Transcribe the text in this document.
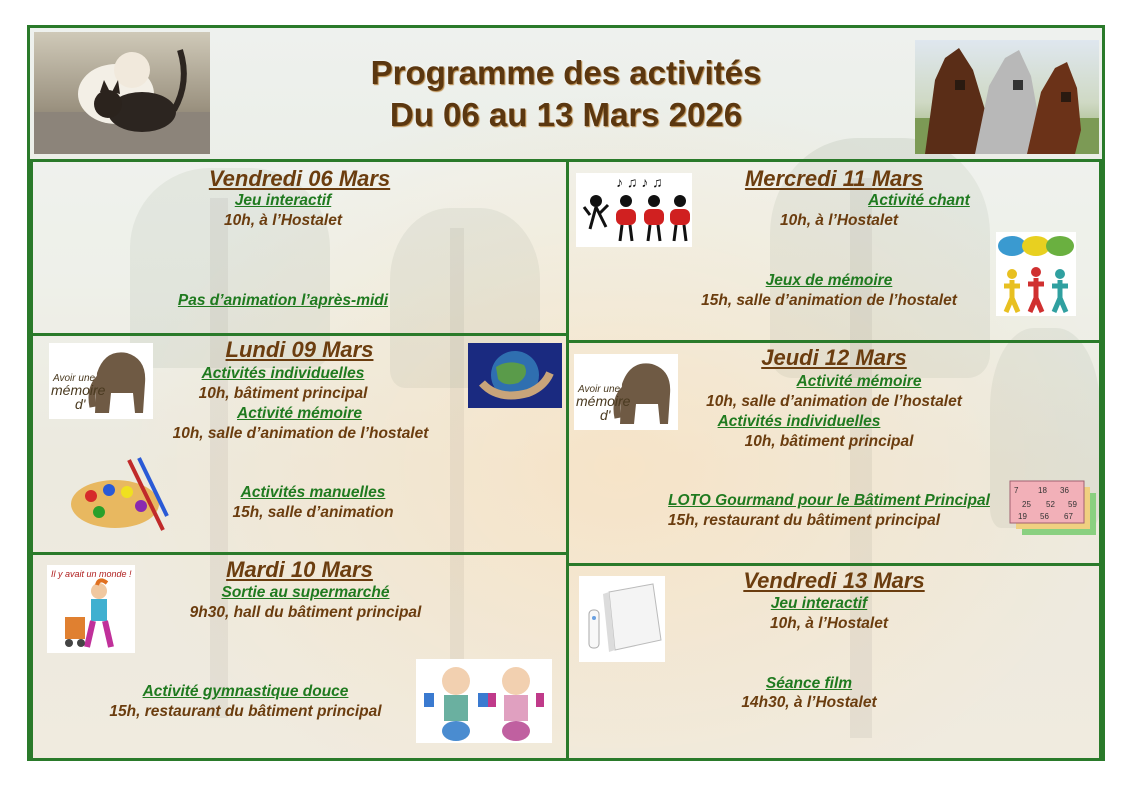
Programme des activités
Du 06 au 13 Mars 2026
Vendredi 06 Mars
Jeu interactif
10h, à l’Hostalet
Pas d’animation l’après-midi
Avoir une
mémoire
d'
Lundi 09 Mars
Activités individuelles
10h, bâtiment principal
Activité mémoire
10h, salle d’animation de l’hostalet
Activités manuelles
15h, salle d’animation
Il y avait un monde !	Mardi 10 Mars
Sortie au supermarché
9h30, hall du bâtiment principal
Activité gymnastique douce
15h, restaurant du bâtiment principal
♪ ♫ ♪ ♫	Mercredi 11 Mars
Activité chant
10h, à l’Hostalet
Jeux de mémoire
15h, salle d’animation de l’hostalet
Avoir une
mémoire
d'
Jeudi 12 Mars
Activité mémoire
10h, salle d’animation de l’hostalet
Activités individuelles
10h, bâtiment principal
LOTO Gourmand pour le Bâtiment Principal
15h, restaurant du bâtiment principal
7 18 36
25 52 59
19 56 67
Vendredi 13 Mars
Jeu interactif
10h, à l’Hostalet
Séance film
14h30, à l’Hostalet
